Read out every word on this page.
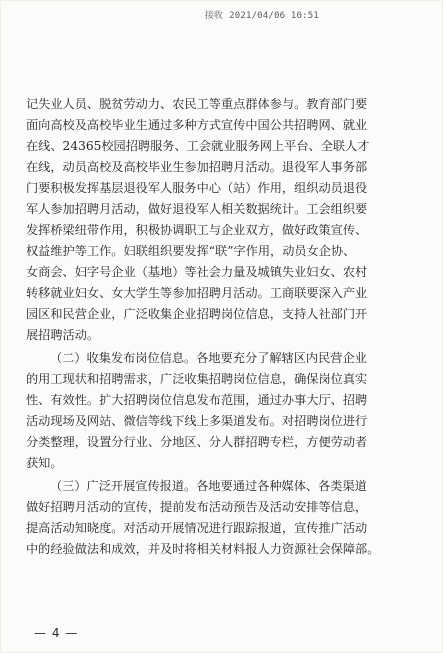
接收 2021/04/06 10:51
记失业人员、脱贫劳动力、农民工等重点群体参与。教育部门要
面向高校及高校毕业生通过多种方式宣传中国公共招聘网、就业
在线、24365校园招聘服务、工会就业服务网上平台、全联人才
在线，动员高校及高校毕业生参加招聘月活动。退役军人事务部
门要积极发挥基层退役军人服务中心（站）作用，组织动员退役
军人参加招聘月活动，做好退役军人相关数据统计。工会组织要
发挥桥梁纽带作用，积极协调职工与企业双方，做好政策宣传、
权益维护等工作。妇联组织要发挥“联”字作用，动员女企协、
女商会、妇字号企业（基地）等社会力量及城镇失业妇女、农村
转移就业妇女、女大学生等参加招聘月活动。工商联要深入产业
园区和民营企业，广泛收集企业招聘岗位信息，支持人社部门开
展招聘活动。
（二）收集发布岗位信息。各地要充分了解辖区内民营企业
的用工现状和招聘需求，广泛收集招聘岗位信息，确保岗位真实
性、有效性。扩大招聘岗位信息发布范围，通过办事大厅、招聘
活动现场及网站、微信等线下线上多渠道发布。对招聘岗位进行
分类整理，设置分行业、分地区、分人群招聘专栏，方便劳动者
获知。
（三）广泛开展宣传报道。各地要通过各种媒体、各类渠道
做好招聘月活动的宣传，提前发布活动预告及活动安排等信息，
提高活动知晓度。对活动开展情况进行跟踪报道，宣传推广活动
中的经验做法和成效，并及时将相关材料报人力资源社会保障部。
— 4 —
